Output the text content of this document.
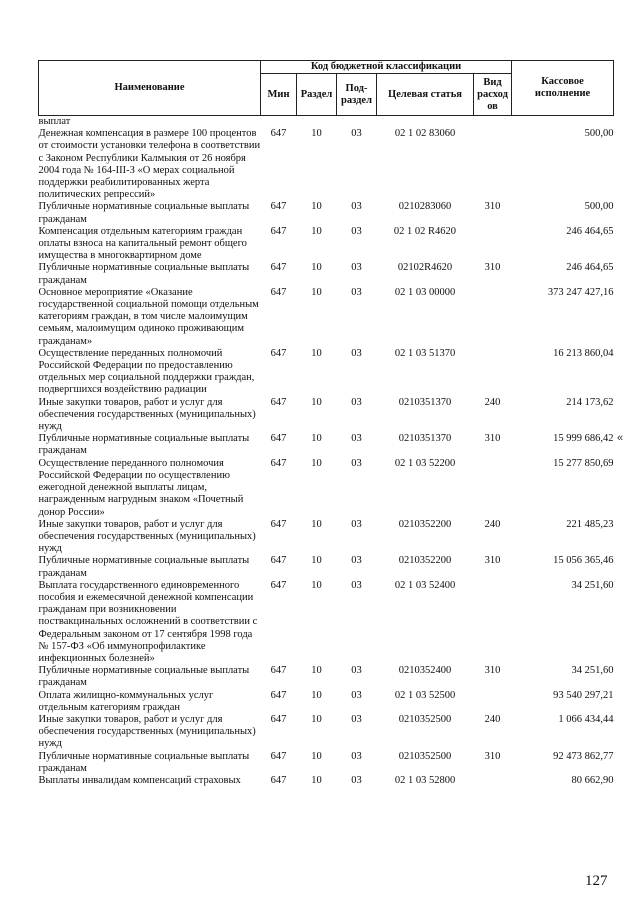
Наименование	Код бюджетной классификации					Кассовое исполнение
	Мин	Раздел	Под-раздел	Целевая статья	Вид расход ов	
выплат						
Денежная компенсация в размере 100 процентов от стоимости установки телефона в соответствии с Законом Республики Калмыкия от 26 ноября 2004 года № 164-III-З «О мерах социальной поддержки реабилитированных жерта политических репрессий»	647	10	03	02 1 02 83060		500,00
Публичные нормативные социальные выплаты гражданам	647	10	03	0210283060	310	500,00
Компенсация отдельным категориям граждан оплаты взноса на капитальный ремонт общего имущества в многоквартирном доме	647	10	03	02 1 02 R4620		246 464,65
Публичные нормативные социальные выплаты гражданам	647	10	03	02102R4620	310	246 464,65
Основное мероприятие «Оказание государственной социальной помощи отдельным категориям граждан, в том числе малоимущим семьям, малоимущим одиноко проживающим гражданам»	647	10	03	02 1 03 00000		373 247 427,16
Осуществление переданных полномочий Российской Федерации по предоставлению отдельных мер социальной поддержки граждан, подвергшихся воздействию радиации	647	10	03	02 1 03 51370		16 213 860,04
Иные закупки товаров, работ и услуг для обеспечения государственных (муниципальных) нужд	647	10	03	0210351370	240	214 173,62
Публичные нормативные социальные выплаты гражданам	647	10	03	0210351370	310	15 999 686,42
Осуществление переданного полномочия Российской Федерации по осуществлению ежегодной денежной выплаты лицам, награжденным нагрудным знаком «Почетный донор России»	647	10	03	02 1 03 52200		15 277 850,69
Иные закупки товаров, работ и услуг для обеспечения государственных (муниципальных) нужд	647	10	03	0210352200	240	221 485,23
Публичные нормативные социальные выплаты гражданам	647	10	03	0210352200	310	15 056 365,46
Выплата государственного единовременного пособия и ежемесячной денежной компенсации гражданам при возникновении поствакцинальных осложнений в соответствии с Федеральным законом от 17 сентября 1998 года № 157-ФЗ «Об иммунопрофилактике инфекционных болезней»	647	10	03	02 1 03 52400		34 251,60
Публичные нормативные социальные выплаты гражданам	647	10	03	0210352400	310	34 251,60
Оплата жилищно-коммунальных услуг отдельным категориям граждан	647	10	03	02 1 03 52500		93 540 297,21
Иные закупки товаров, работ и услуг для обеспечения государственных (муниципальных) нужд	647	10	03	0210352500	240	1 066 434,44
Публичные нормативные социальные выплаты гражданам	647	10	03	0210352500	310	92 473 862,77
Выплаты инвалидам компенсаций страховых	647	10	03	02 1 03 52800		80 662,90
«
127
